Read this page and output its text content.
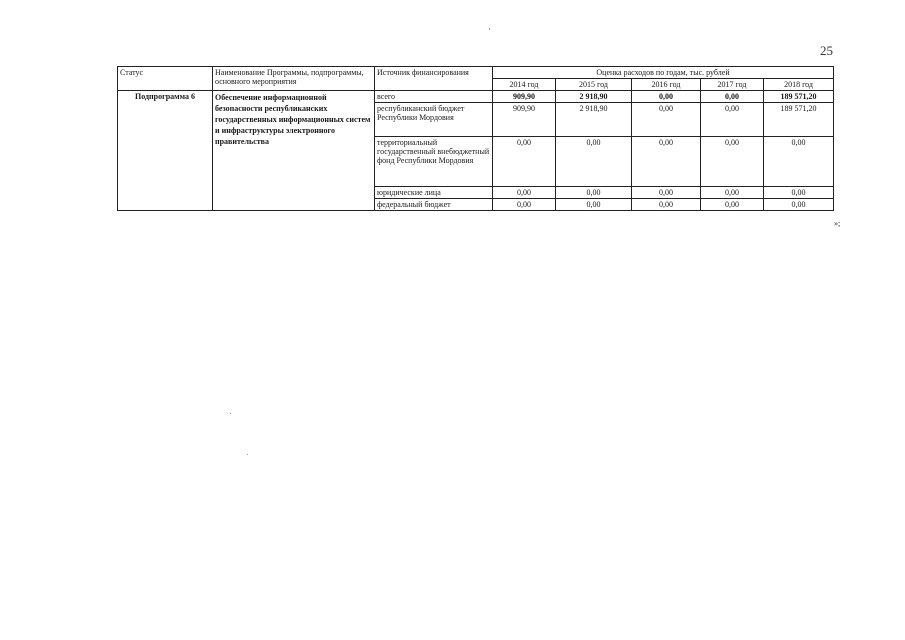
25
Статус	Наименование Программы, подпрограммы, основного мероприятия	Источник финансирования	Оценка расходов по годам, тыс. рублей				
			2014 год	2015 год	2016 год	2017 год	2018 год
Подпрограмма 6	Обеспечение информационной безопасности республиканских государственных информационных систем и инфраструктуры электронного правительства	всего	909,90	2 918,90	0,00	0,00	189 571,20
		республиканский бюджет Республики Мордовия	909,90	2 918,90	0,00	0,00	189 571,20
		территориальный государственный внебюджетный фонд Республики Мордовия	0,00	0,00	0,00	0,00	0,00
		юридические лица	0,00	0,00	0,00	0,00	0,00
		федеральный бюджет	0,00	0,00	0,00	0,00	0,00
»;
